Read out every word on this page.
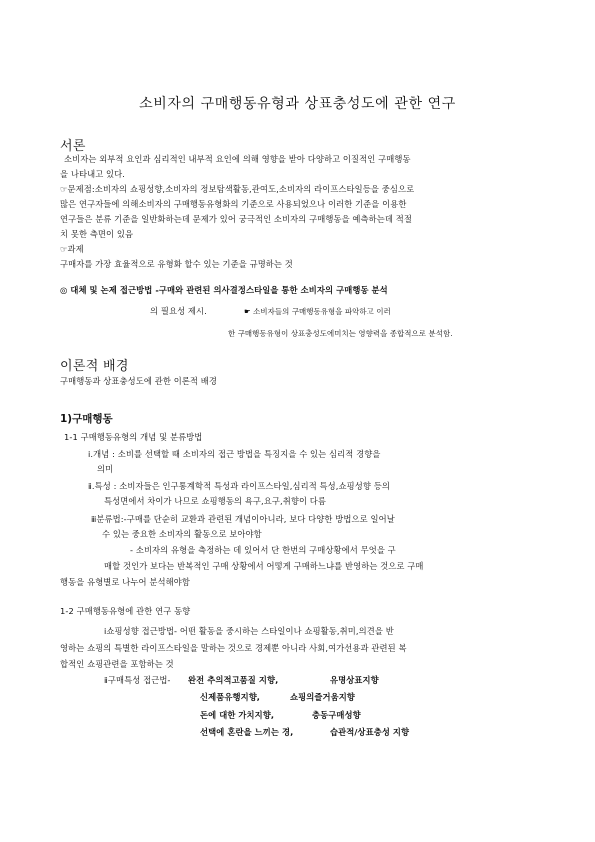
소비자의 구매행동유형과 상표충성도에 관한 연구
서론
소비자는 외부적 요인과 심리적인 내부적 요인에 의해 영향을 받아 다양하고 이질적인 구매행동
을 나타내고 있다.
☞문제점:소비자의 쇼핑성향,소비자의 정보탐색활동,관여도,소비자의 라이프스타일등을 중심으로
많은 연구자들에 의해소비자의 구매행동유형화의 기준으로 사용되었으나 이러한 기준을 이용한
연구들은 분류 기준을 일반화하는데 문제가 있어 궁극적인 소비자의 구매행동을 예측하는데 적절
치 못한 측면이 있음
☞과제
구매자를 가장 효율적으로 유형화 할수 있는 기준을 규명하는 것
◎ 대체 및 논제 접근방법 -구매와 관련된 의사결정스타일을 통한 소비자의 구매행동 분석
의 필요성 제시.	☛ 소비자들의 구매행동유형을 파악하고 이러
한 구매행동유형이 상표충성도에미치는 영향력을 종합적으로 분석함.
이론적 배경
구매행동과 상표충성도에 관한 이론적 배경
1)구매행동
1-1 구매행동유형의 개념 및 분류방법
ⅰ.개념 : 소비를 선택할 때 소비자의 접근 방법을 특징지을 수 있는 심리적 경향을
의미
ⅱ.특성 : 소비자들은 인구통계학적 특성과 라이프스타일,심리적 특성,쇼핑성향 등의
특성면에서 차이가 나므로 쇼핑행동의 욕구,요구,취향이 다름
ⅲ분류법:-구매를 단순히 교환과 관련된 개념이아니라, 보다 다양한 방법으로 일어날
수 있는 중요한 소비자의 활동으로 보아야함
- 소비자의 유형을 측정하는 데 있어서 단 한번의 구매상황에서 무엇을 구
매할 것인가 보다는 반복적인 구매 상황에서 어떻게 구매하느냐를 반영하는 것으로 구매
행동을 유형별로 나누어 분석해야함
1-2 구매행동유형에 관한 연구 동향
ⅰ쇼핑성향 접근방법- 어떤 활동을 중시하는 스타일이나 쇼핑활동,취미,의견을 반
영하는 쇼핑의 특별한 라이프스타일을 말하는 것으로 경제뿐 아니라 사회,여가선용과 관련된 복
합적인 쇼핑관련을 포함하는 것
ⅱ구매특성 접근법- 완전 추의적고품질 지향,	유명상표지향
신제품유행지향,	쇼핑의즐거움지향
돈에 대한 가치지향,	충동구매성향
선택에 혼란을 느끼는 경,	습관적/상표충성 지향
